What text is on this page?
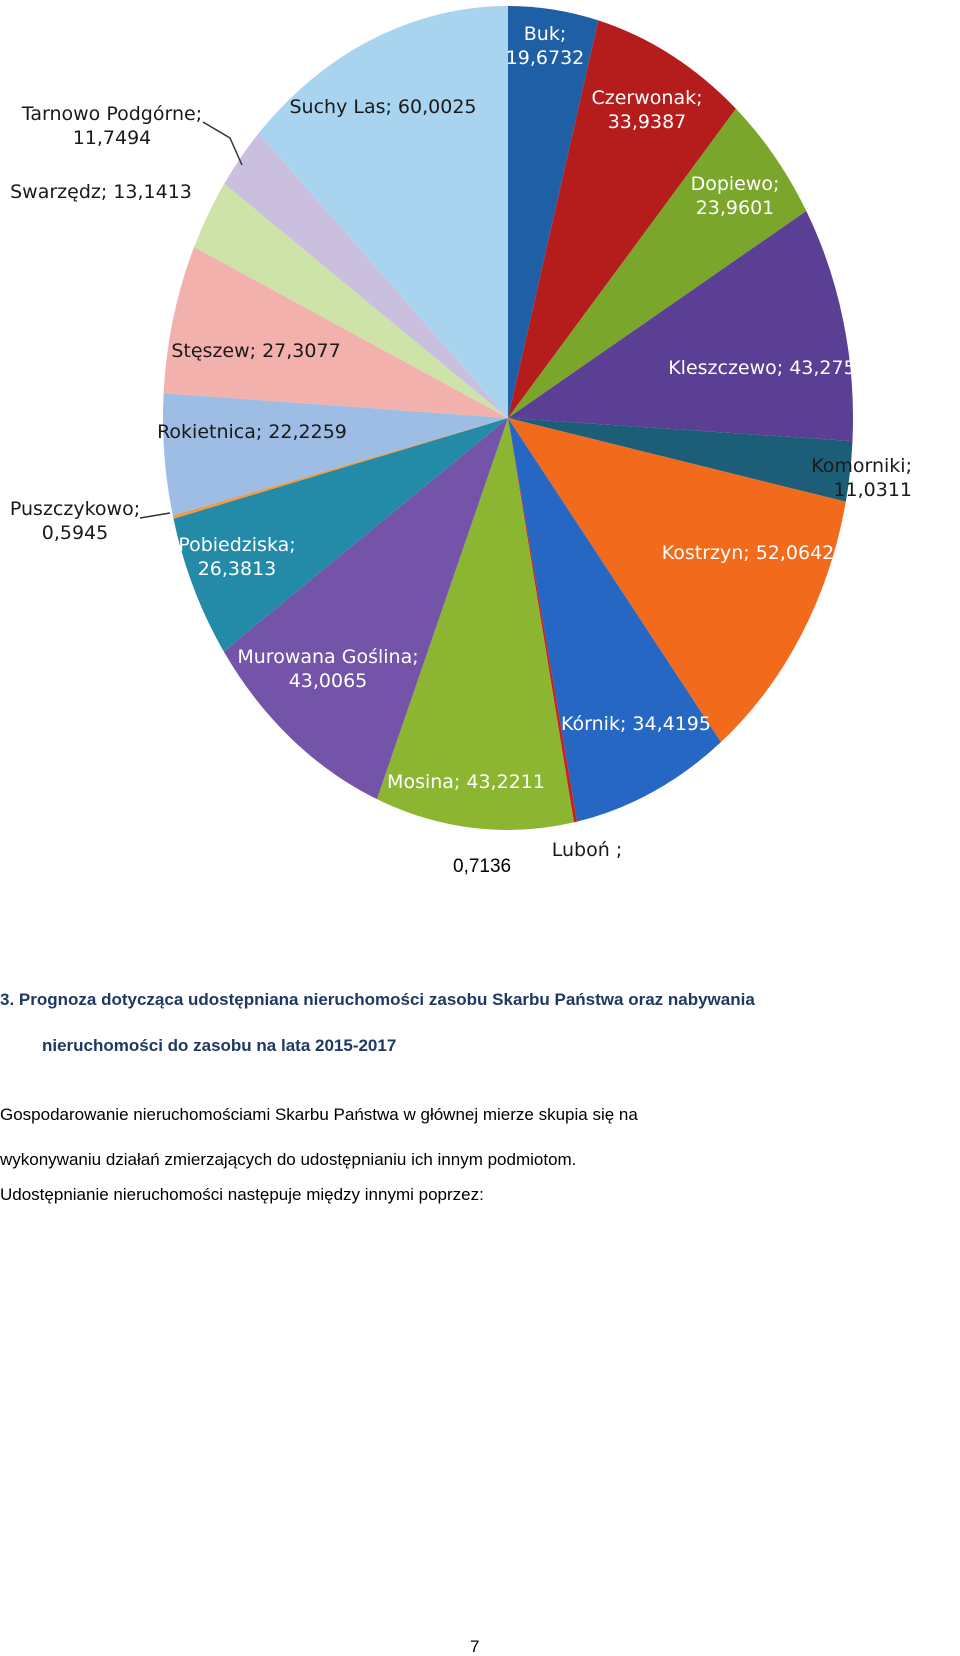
Buk; 19,6732
Czerwonak; 33,9387
Dopiewo; 23,9601
Kleszczewo; 43,2755
Komorniki; 11,0311
Kostrzyn; 52,0642
Kórnik; 34,4195
Luboń ;
Mosina; 43,2211
Murowana Goślina; 43,0065
Pobiedziska; 26,3813
Puszczykowo; 0,5945
Rokietnica; 22,2259
Stęszew; 27,3077
Swarzędz; 13,1413
Tarnowo Podgórne; 11,7494
Suchy Las; 60,0025
0,7136
3. Prognoza dotycząca udostępniana nieruchomości zasobu Skarbu Państwa oraz nabywania
nieruchomości do zasobu na lata 2015-2017
Gospodarowanie nieruchomościami Skarbu Państwa w głównej mierze skupia się na
wykonywaniu działań zmierzających do udostępnianiu ich innym podmiotom.
Udostępnianie nieruchomości następuje między innymi poprzez:
7
